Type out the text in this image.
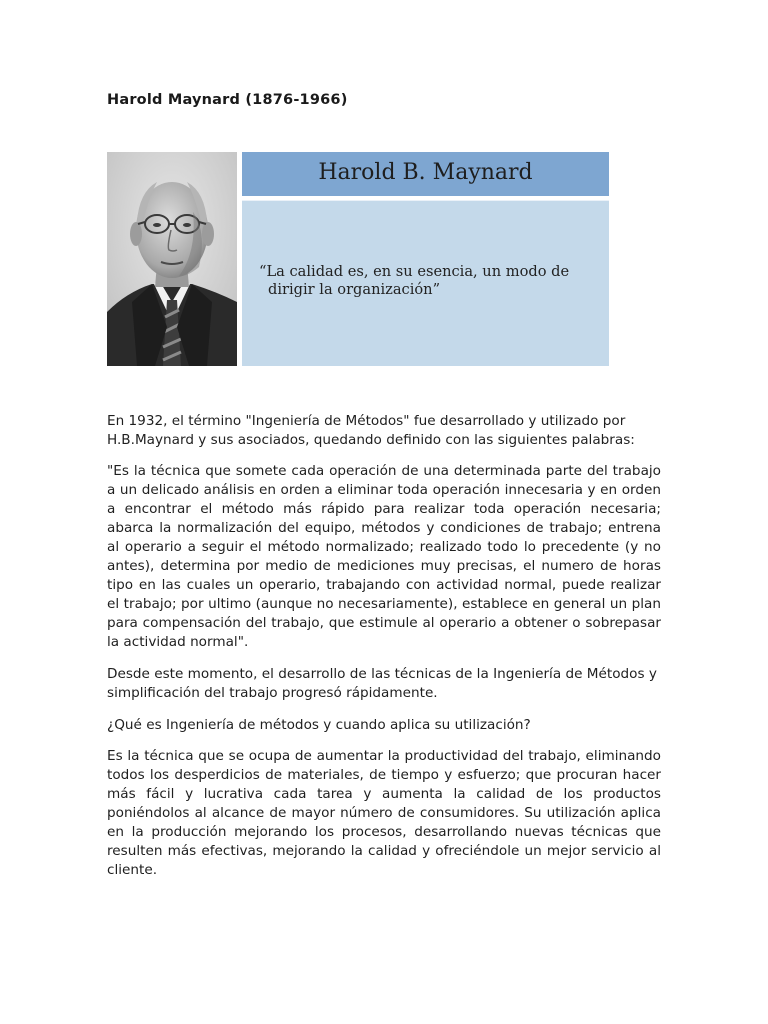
Harold Maynard (1876-1966)
Harold B. Maynard
“La calidad es, en su esencia, un modo de dirigir la organización”

En 1932, el término "Ingeniería de Métodos" fue desarrollado y utilizado por H.B.Maynard y sus asociados, quedando definido con las siguientes palabras:

"Es la técnica que somete cada operación de una determinada parte del trabajo a un delicado análisis en orden a eliminar toda operación innecesaria y en orden a encontrar el método más rápido para realizar toda operación necesaria; abarca la normalización del equipo, métodos y condiciones de trabajo; entrena al operario a seguir el método normalizado; realizado todo lo precedente (y no antes), determina por medio de mediciones muy precisas, el numero de horas tipo en las cuales un operario, trabajando con actividad normal, puede realizar el trabajo; por ultimo (aunque no necesariamente), establece en general un plan para compensación del trabajo, que estimule al operario a obtener o sobrepasar la actividad normal".

Desde este momento, el desarrollo de las técnicas de la Ingeniería de Métodos y simplificación del trabajo progresó rápidamente.

¿Qué es Ingeniería de métodos y cuando aplica su utilización?

Es la técnica que se ocupa de aumentar la productividad del trabajo, eliminando todos los desperdicios de materiales, de tiempo y esfuerzo; que procuran hacer más fácil y lucrativa cada tarea y aumenta la calidad de los productos poniéndolos al alcance de mayor número de consumidores. Su utilización aplica en la producción mejorando los procesos, desarrollando nuevas técnicas que resulten más efectivas, mejorando la calidad y ofreciéndole un mejor servicio al cliente.
